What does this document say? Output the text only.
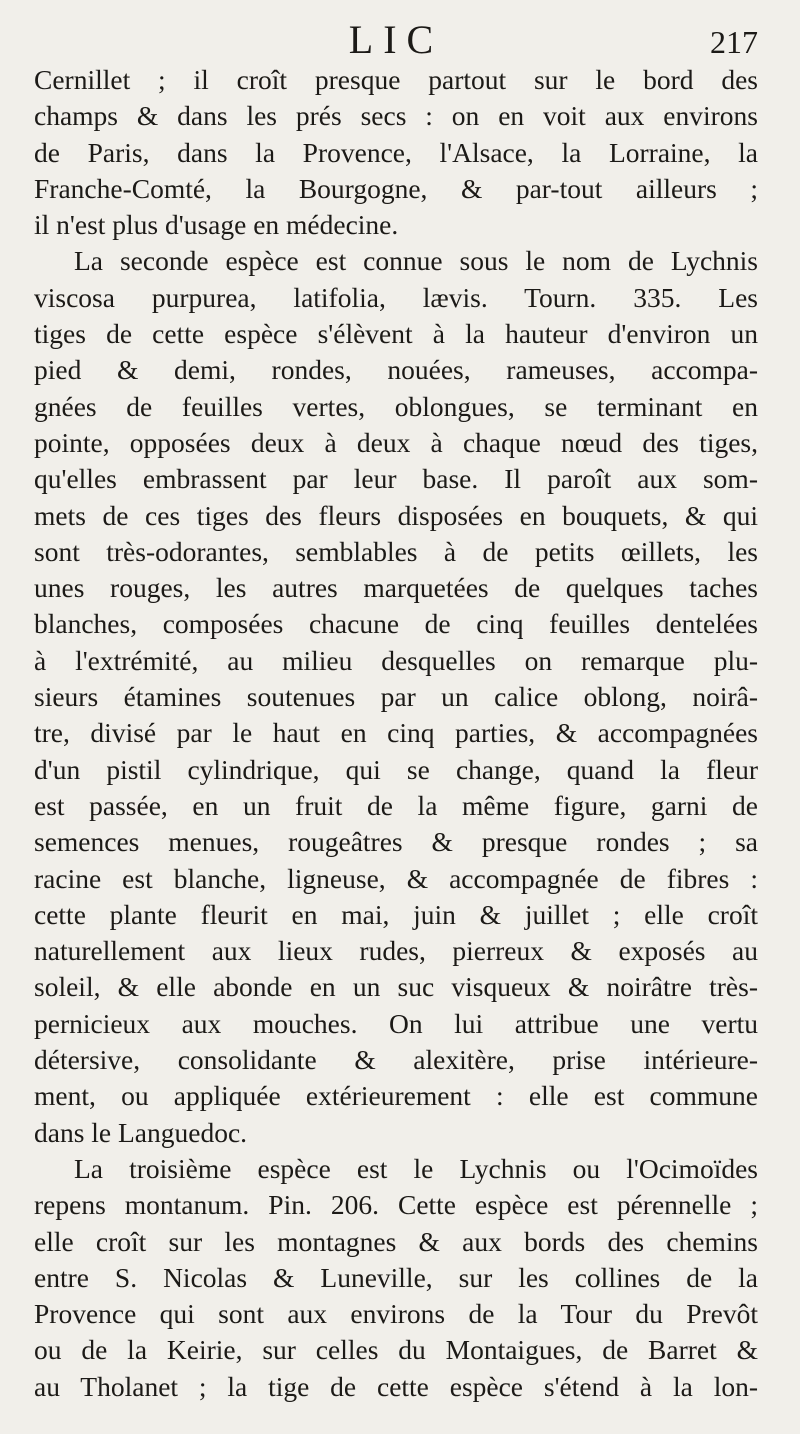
LIC	217
Cernillet ; il croît presque partout sur le bord des
champs & dans les prés secs : on en voit aux environs
de Paris, dans la Provence, l'Alsace, la Lorraine, la
Franche-Comté, la Bourgogne, & par-tout ailleurs ;
il n'est plus d'usage en médecine.
La seconde espèce est connue sous le nom de Lychnis
viscosa purpurea, latifolia, lævis. Tourn. 335. Les
tiges de cette espèce s'élèvent à la hauteur d'environ un
pied & demi, rondes, nouées, rameuses, accompa-
gnées de feuilles vertes, oblongues, se terminant en
pointe, opposées deux à deux à chaque nœud des tiges,
qu'elles embrassent par leur base. Il paroît aux som-
mets de ces tiges des fleurs disposées en bouquets, & qui
sont très-odorantes, semblables à de petits œillets, les
unes rouges, les autres marquetées de quelques taches
blanches, composées chacune de cinq feuilles dentelées
à l'extrémité, au milieu desquelles on remarque plu-
sieurs étamines soutenues par un calice oblong, noirâ-
tre, divisé par le haut en cinq parties, & accompagnées
d'un pistil cylindrique, qui se change, quand la fleur
est passée, en un fruit de la même figure, garni de
semences menues, rougeâtres & presque rondes ; sa
racine est blanche, ligneuse, & accompagnée de fibres :
cette plante fleurit en mai, juin & juillet ; elle croît
naturellement aux lieux rudes, pierreux & exposés au
soleil, & elle abonde en un suc visqueux & noirâtre très-
pernicieux aux mouches. On lui attribue une vertu
détersive, consolidante & alexitère, prise intérieure-
ment, ou appliquée extérieurement : elle est commune
dans le Languedoc.
La troisième espèce est le Lychnis ou l'Ocimoïdes
repens montanum. Pin. 206. Cette espèce est pérennelle ;
elle croît sur les montagnes & aux bords des chemins
entre S. Nicolas & Luneville, sur les collines de la
Provence qui sont aux environs de la Tour du Prevôt
ou de la Keirie, sur celles du Montaigues, de Barret &
au Tholanet ; la tige de cette espèce s'étend à la lon-
